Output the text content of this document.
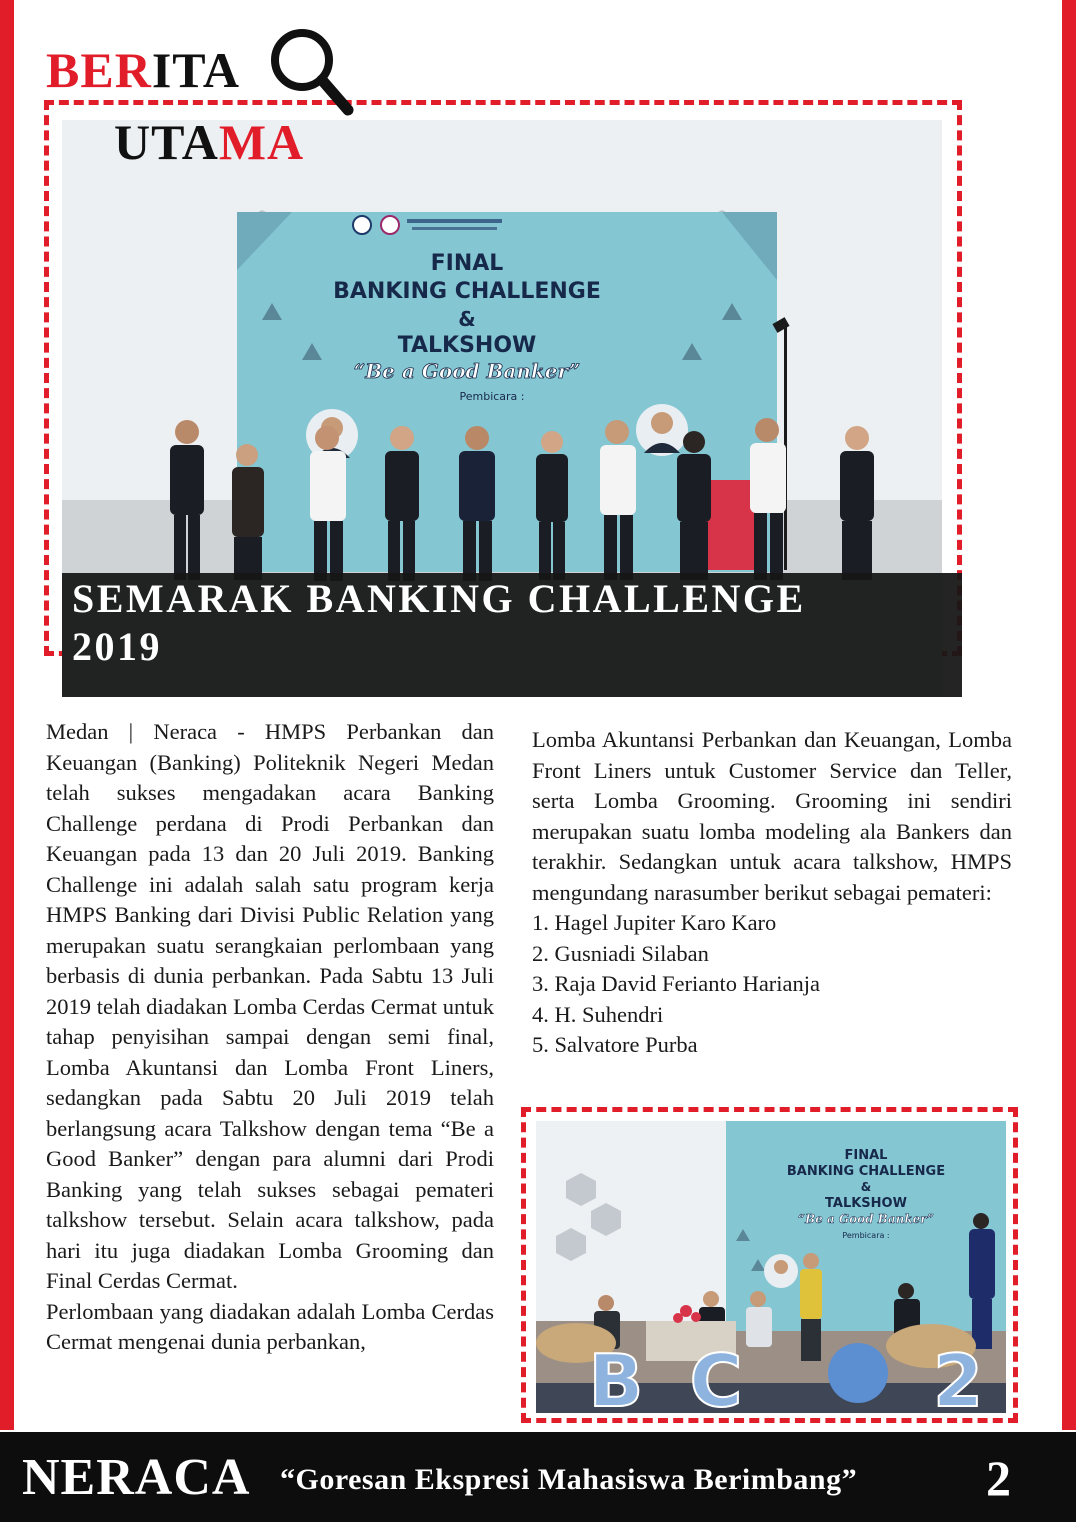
FINAL
BANKING CHALLENGE
&
TALKSHOW
“Be a Good Banker”
Pembicara :
BERITA
UTAMA
SEMARAK BANKING CHALLENGE
2019

Medan | Neraca - HMPS Perbankan dan Keuangan (Banking) Politeknik Negeri Medan telah sukses mengadakan acara Banking Challenge perdana di Prodi Perbankan dan Keuangan pada 13 dan 20 Juli 2019. Banking Challenge ini adalah salah satu program kerja HMPS Banking dari Divisi Public Relation yang merupakan suatu serangkaian perlombaan yang berbasis di dunia perbankan. Pada Sabtu 13 Juli 2019 telah diadakan Lomba Cerdas Cermat untuk tahap penyisihan sampai dengan semi final, Lomba Akuntansi dan Lomba Front Liners, sedangkan pada Sabtu 20 Juli 2019 telah berlangsung acara Talkshow dengan tema “Be a Good Banker” dengan para alumni dari Prodi Banking yang telah sukses sebagai pemateri talkshow tersebut. Selain acara talkshow, pada hari itu juga diadakan Lomba Grooming dan Final Cerdas Cermat.

Perlombaan yang diadakan adalah Lomba Cerdas Cermat mengenai dunia perbankan,

Lomba Akuntansi Perbankan dan Keuangan, Lomba Front Liners untuk Customer Service dan Teller, serta Lomba Grooming. Grooming ini sendiri merupakan suatu lomba modeling ala Bankers dan terakhir. Sedangkan untuk acara talkshow, HMPS mengundang narasumber berikut sebagai pemateri:

1. Hagel Jupiter Karo Karo
2. Gusniadi Silaban
3. Raja David Ferianto Harianja
4. H. Suhendri
5. Salvatore Purba
FINAL
BANKING CHALLENGE
&
TALKSHOW
“Be a Good Banker”
Pembicara :
B C	2
NERACA “Goresan Ekspresi Mahasiswa Berimbang”	2
